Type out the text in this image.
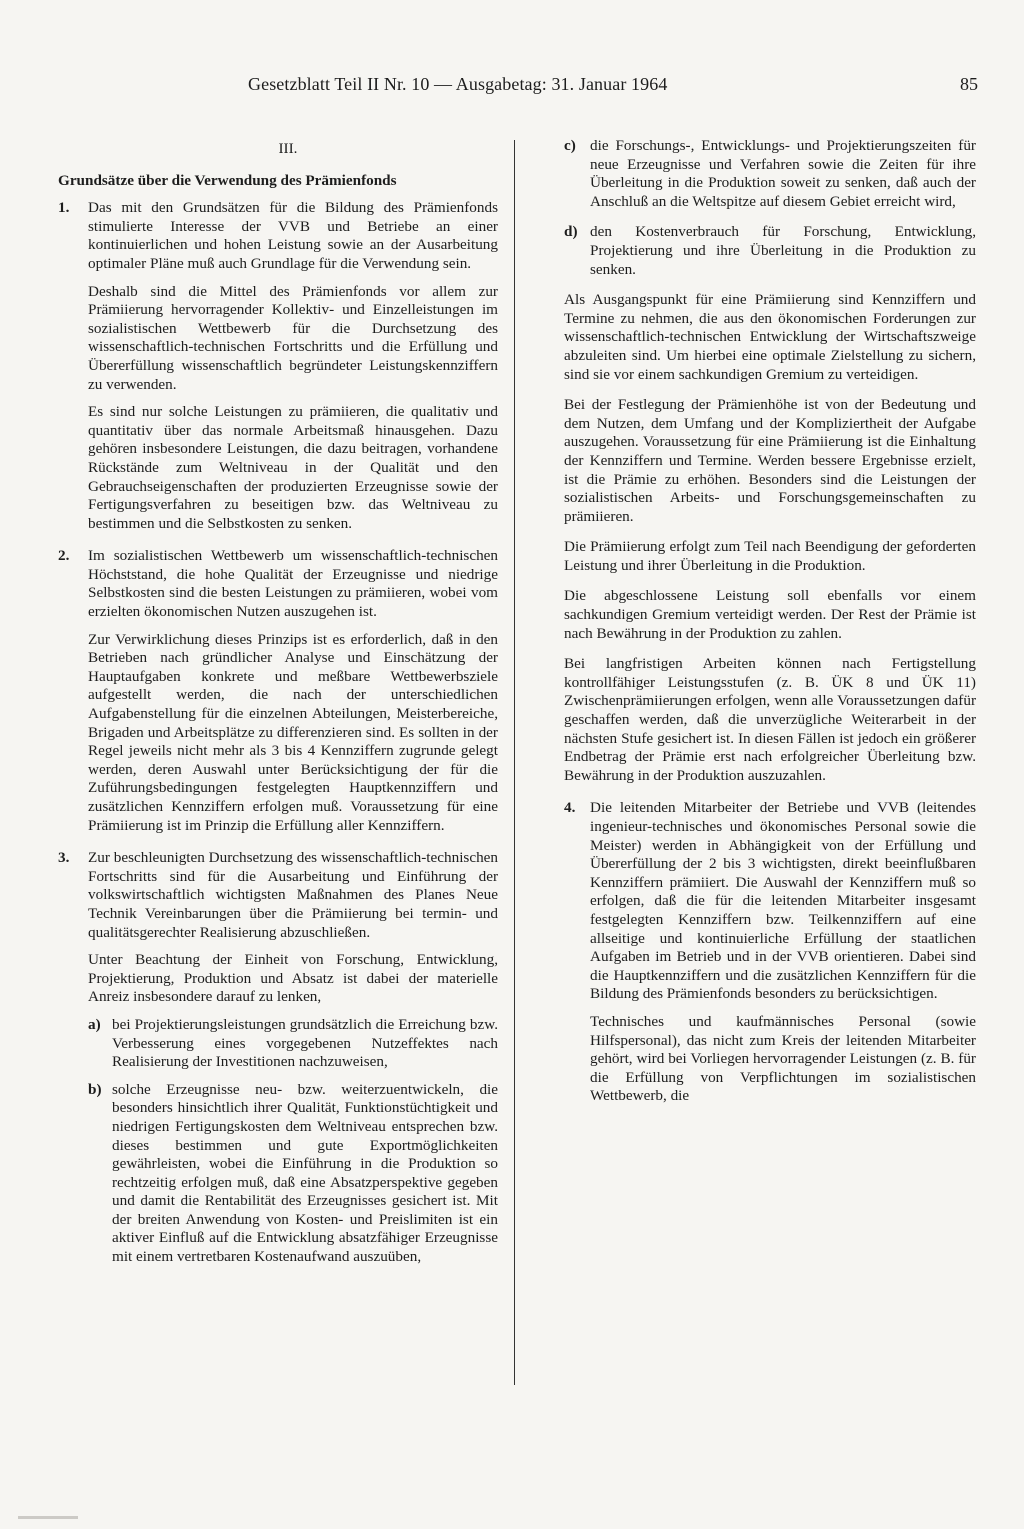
Gesetzblatt Teil II Nr. 10 — Ausgabetag: 31. Januar 1964	85

III.

Grundsätze über die Verwendung des Prämienfonds

1. Das mit den Grundsätzen für die Bildung des Prämienfonds stimulierte Interesse der VVB und Betriebe an einer kontinuierlichen und hohen Leistung sowie an der Ausarbeitung optimaler Pläne muß auch Grundlage für die Verwendung sein.

Deshalb sind die Mittel des Prämienfonds vor allem zur Prämiierung hervorragender Kollektiv- und Einzelleistungen im sozialistischen Wettbewerb für die Durchsetzung des wissenschaftlich-technischen Fortschritts und die Erfüllung und Übererfüllung wissenschaftlich begründeter Leistungskennziffern zu verwenden.

Es sind nur solche Leistungen zu prämiieren, die qualitativ und quantitativ über das normale Arbeitsmaß hinausgehen. Dazu gehören insbesondere Leistungen, die dazu beitragen, vorhandene Rückstände zum Weltniveau in der Qualität und den Gebrauchseigenschaften der produzierten Erzeugnisse sowie der Fertigungsverfahren zu beseitigen bzw. das Weltniveau zu bestimmen und die Selbstkosten zu senken.

2. Im sozialistischen Wettbewerb um wissenschaftlich-technischen Höchststand, die hohe Qualität der Erzeugnisse und niedrige Selbstkosten sind die besten Leistungen zu prämiieren, wobei vom erzielten ökonomischen Nutzen auszugehen ist.

Zur Verwirklichung dieses Prinzips ist es erforderlich, daß in den Betrieben nach gründlicher Analyse und Einschätzung der Hauptaufgaben konkrete und meßbare Wettbewerbsziele aufgestellt werden, die nach der unterschiedlichen Aufgabenstellung für die einzelnen Abteilungen, Meisterbereiche, Brigaden und Arbeitsplätze zu differenzieren sind. Es sollten in der Regel jeweils nicht mehr als 3 bis 4 Kennziffern zugrunde gelegt werden, deren Auswahl unter Berücksichtigung der für die Zuführungsbedingungen festgelegten Hauptkennziffern und zusätzlichen Kennziffern erfolgen muß. Voraussetzung für eine Prämiierung ist im Prinzip die Erfüllung aller Kennziffern.

3. Zur beschleunigten Durchsetzung des wissenschaftlich-technischen Fortschritts sind für die Ausarbeitung und Einführung der volkswirtschaftlich wichtigsten Maßnahmen des Planes Neue Technik Vereinbarungen über die Prämiierung bei termin- und qualitätsgerechter Realisierung abzuschließen.

Unter Beachtung der Einheit von Forschung, Entwicklung, Projektierung, Produktion und Absatz ist dabei der materielle Anreiz insbesondere darauf zu lenken,

a) bei Projektierungsleistungen grundsätzlich die Erreichung bzw. Verbesserung eines vorgegebenen Nutzeffektes nach Realisierung der Investitionen nachzuweisen,

b) solche Erzeugnisse neu- bzw. weiterzuentwickeln, die besonders hinsichtlich ihrer Qualität, Funktionstüchtigkeit und niedrigen Fertigungskosten dem Weltniveau entsprechen bzw. dieses bestimmen und gute Exportmöglichkeiten gewährleisten, wobei die Einführung in die Produktion so rechtzeitig erfolgen muß, daß eine Absatzperspektive gegeben und damit die Rentabilität des Erzeugnisses gesichert ist. Mit der breiten Anwendung von Kosten- und Preislimiten ist ein aktiver Einfluß auf die Entwicklung absatzfähiger Erzeugnisse mit einem vertretbaren Kostenaufwand auszuüben,

c) die Forschungs-, Entwicklungs- und Projektierungszeiten für neue Erzeugnisse und Verfahren sowie die Zeiten für ihre Überleitung in die Produktion soweit zu senken, daß auch der Anschluß an die Weltspitze auf diesem Gebiet erreicht wird,

d) den Kostenverbrauch für Forschung, Entwicklung, Projektierung und ihre Überleitung in die Produktion zu senken.

Als Ausgangspunkt für eine Prämiierung sind Kennziffern und Termine zu nehmen, die aus den ökonomischen Forderungen zur wissenschaftlich-technischen Entwicklung der Wirtschaftszweige abzuleiten sind. Um hierbei eine optimale Zielstellung zu sichern, sind sie vor einem sachkundigen Gremium zu verteidigen.

Bei der Festlegung der Prämienhöhe ist von der Bedeutung und dem Nutzen, dem Umfang und der Kompliziertheit der Aufgabe auszugehen. Voraussetzung für eine Prämiierung ist die Einhaltung der Kennziffern und Termine. Werden bessere Ergebnisse erzielt, ist die Prämie zu erhöhen. Besonders sind die Leistungen der sozialistischen Arbeits- und Forschungsgemeinschaften zu prämiieren.

Die Prämiierung erfolgt zum Teil nach Beendigung der geforderten Leistung und ihrer Überleitung in die Produktion.

Die abgeschlossene Leistung soll ebenfalls vor einem sachkundigen Gremium verteidigt werden. Der Rest der Prämie ist nach Bewährung in der Produktion zu zahlen.

Bei langfristigen Arbeiten können nach Fertigstellung kontrollfähiger Leistungsstufen (z. B. ÜK 8 und ÜK 11) Zwischenprämiierungen erfolgen, wenn alle Voraussetzungen dafür geschaffen werden, daß die unverzügliche Weiterarbeit in der nächsten Stufe gesichert ist. In diesen Fällen ist jedoch ein größerer Endbetrag der Prämie erst nach erfolgreicher Überleitung bzw. Bewährung in der Produktion auszuzahlen.

4. Die leitenden Mitarbeiter der Betriebe und VVB (leitendes ingenieur-technisches und ökonomisches Personal sowie die Meister) werden in Abhängigkeit von der Erfüllung und Übererfüllung der 2 bis 3 wichtigsten, direkt beeinflußbaren Kennziffern prämiiert. Die Auswahl der Kennziffern muß so erfolgen, daß die für die leitenden Mitarbeiter insgesamt festgelegten Kennziffern bzw. Teilkennziffern auf eine allseitige und kontinuierliche Erfüllung der staatlichen Aufgaben im Betrieb und in der VVB orientieren. Dabei sind die Hauptkennziffern und die zusätzlichen Kennziffern für die Bildung des Prämienfonds besonders zu berücksichtigen.

Technisches und kaufmännisches Personal (sowie Hilfspersonal), das nicht zum Kreis der leitenden Mitarbeiter gehört, wird bei Vorliegen hervorragender Leistungen (z. B. für die Erfüllung von Verpflichtungen im sozialistischen Wettbewerb, die
